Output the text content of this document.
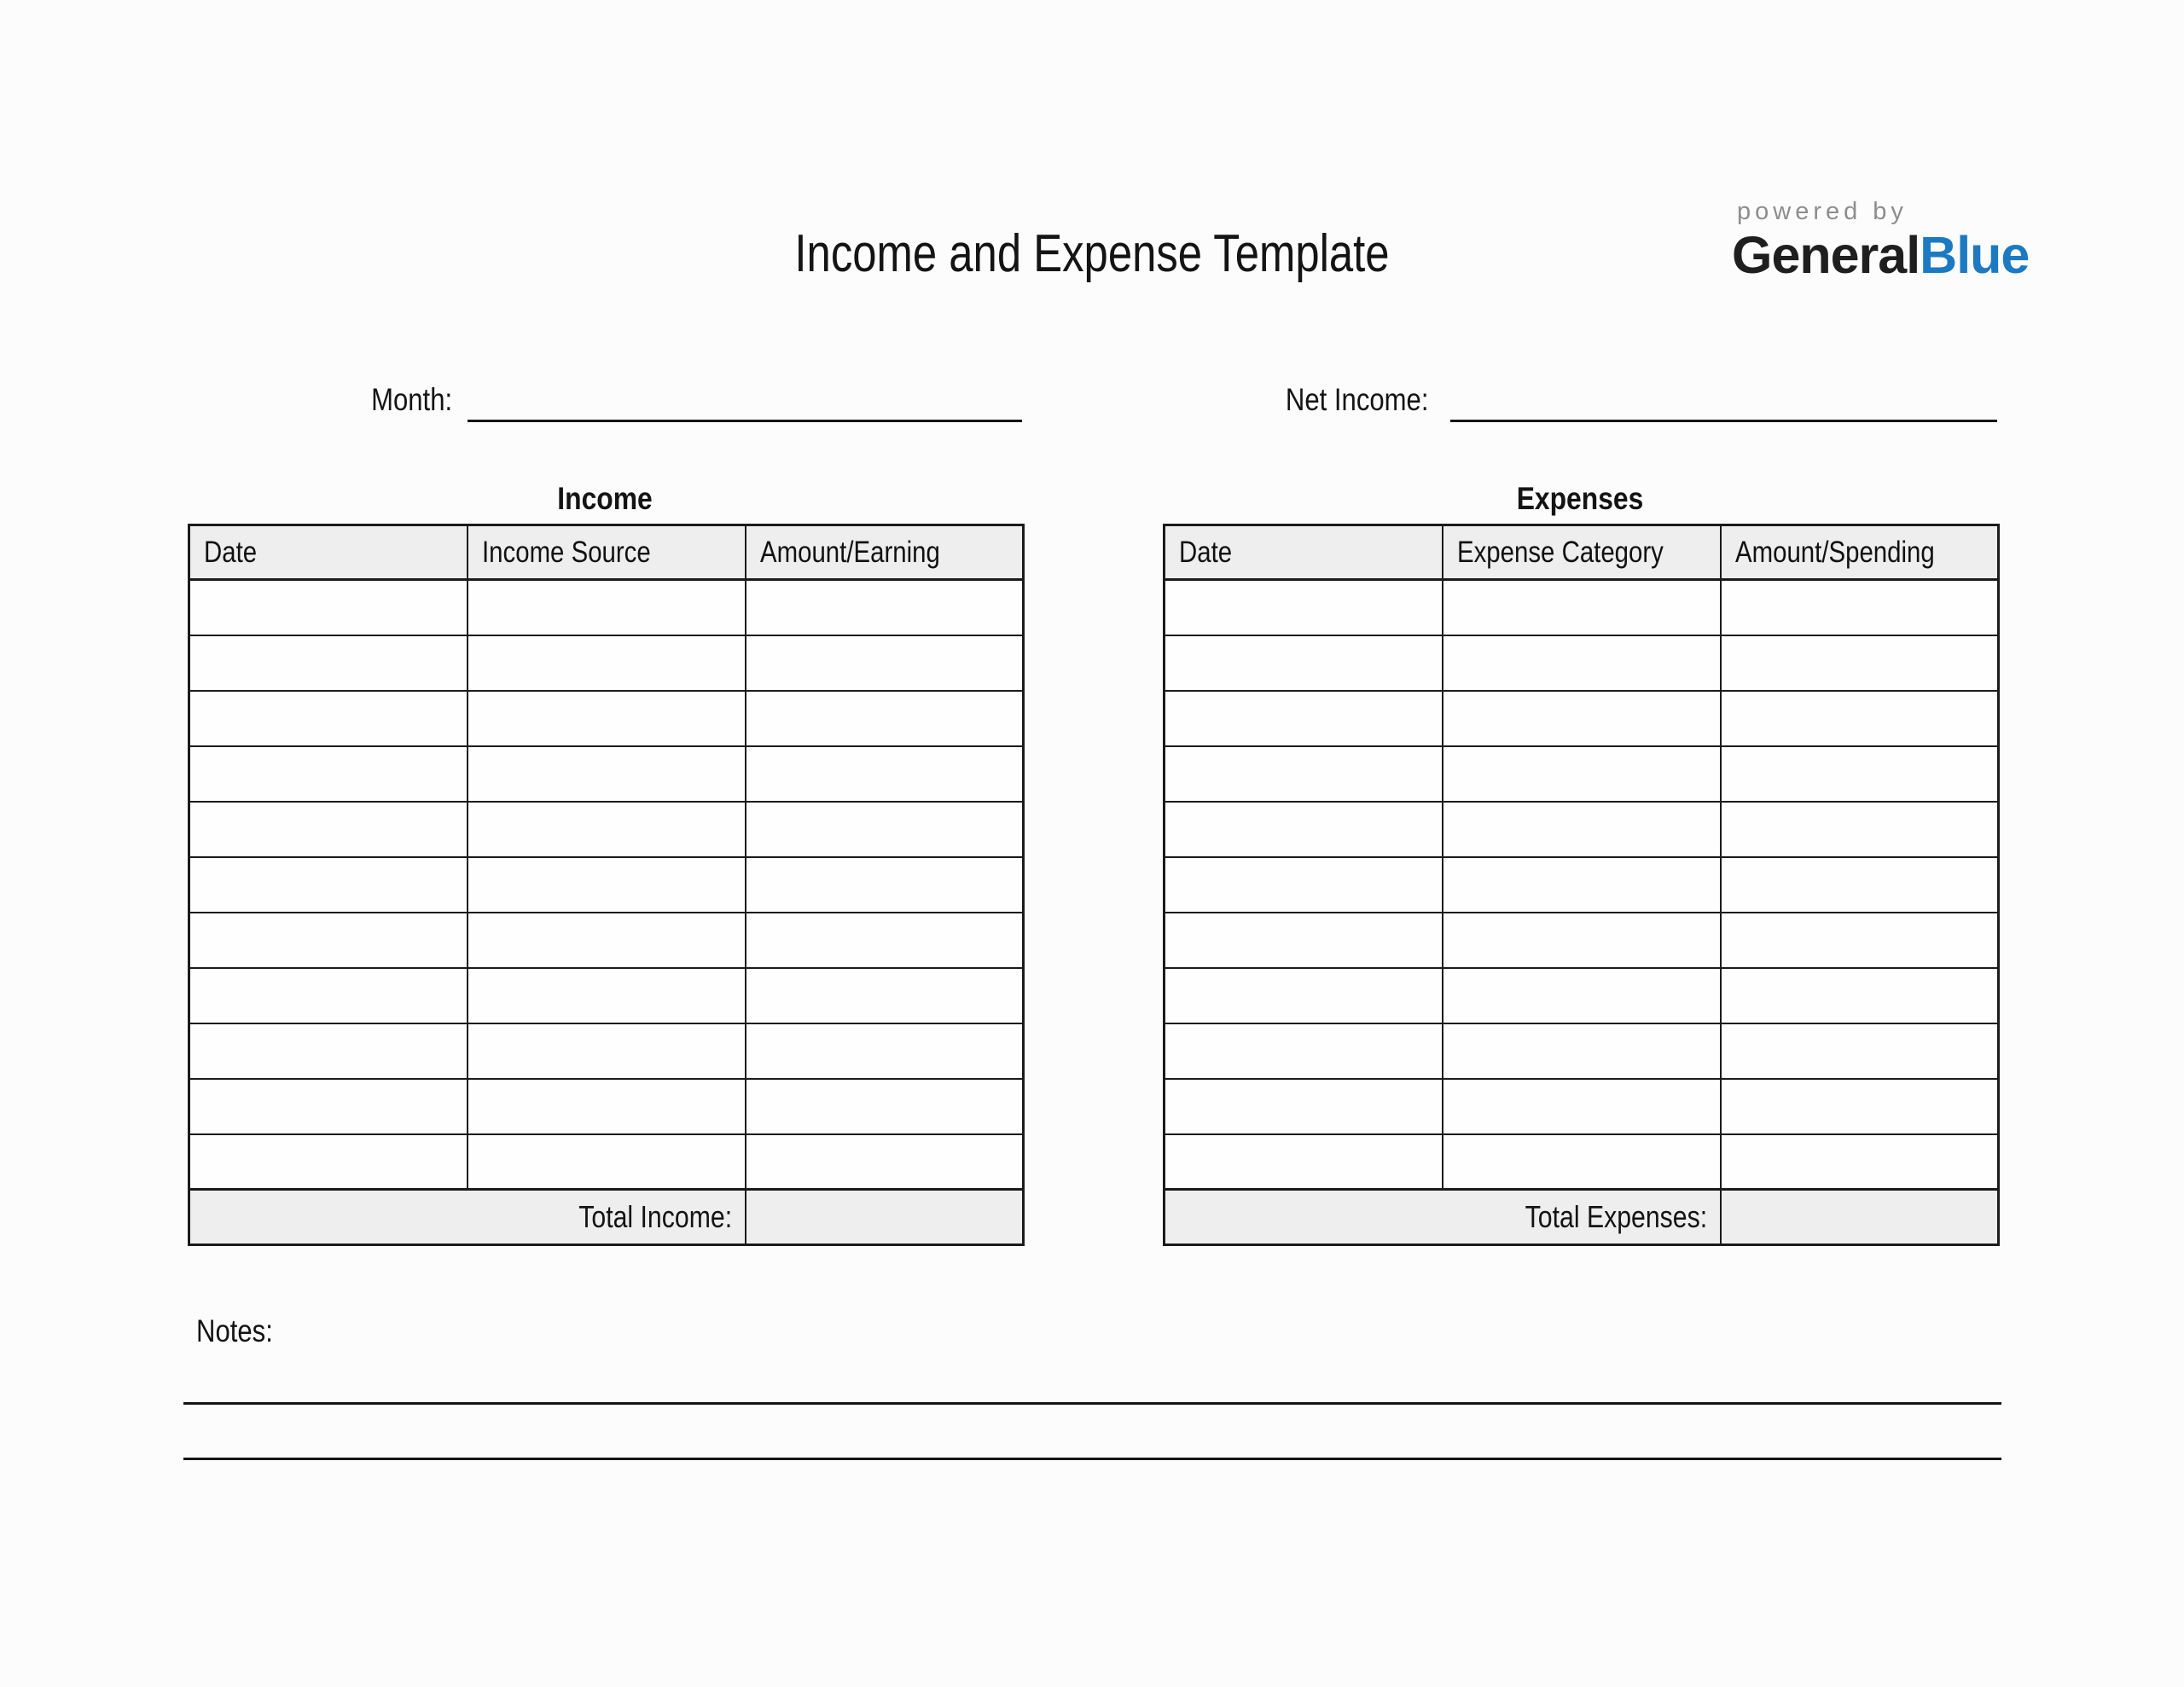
Income and Expense Template
powered by
GeneralBlue
Month:	Net Income:
Income	Expenses
Date	Income Source	Amount/Earning

Total Income:		
Date	Expense Category	Amount/Spending

Total Expenses:		
Notes:
